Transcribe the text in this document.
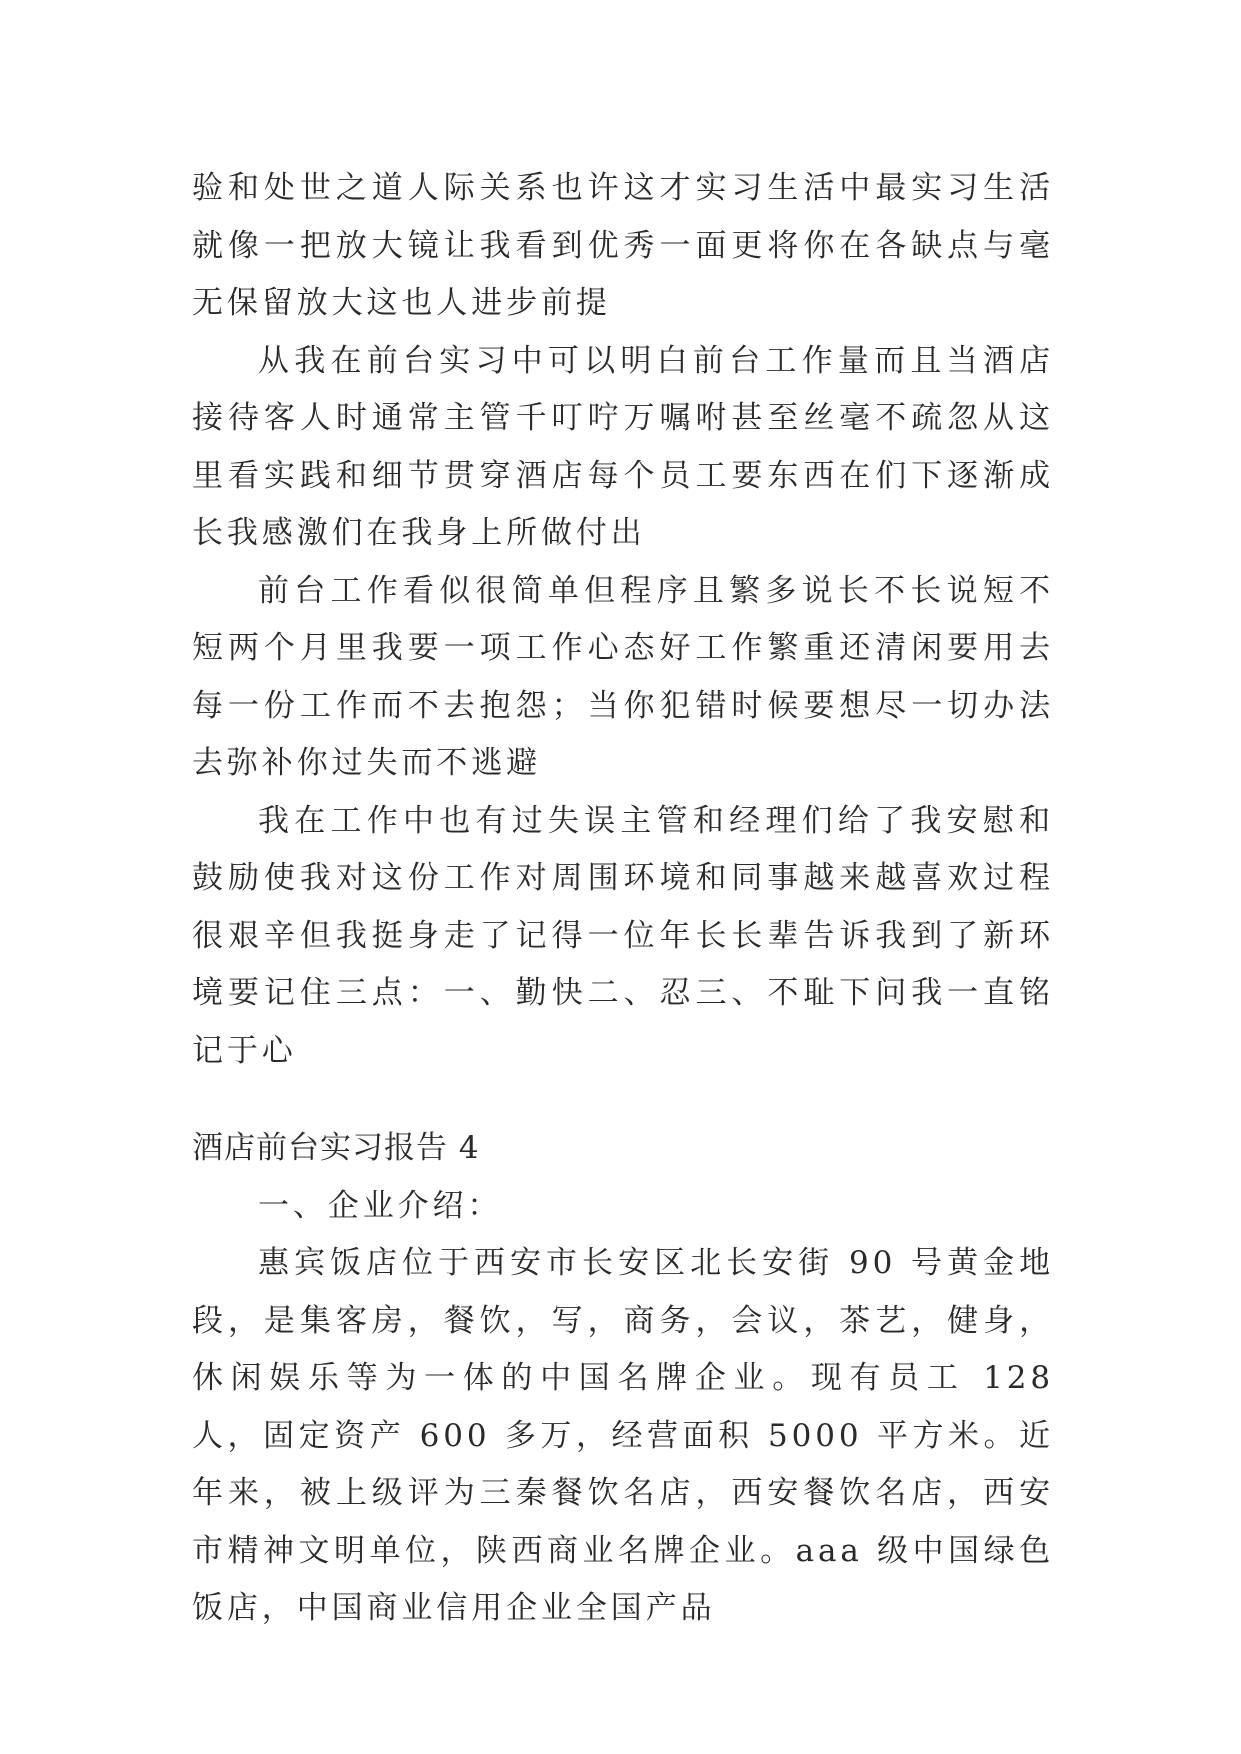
验和处世之道人际关系也许这才实习生活中最实习生活就像一把放大镜让我看到优秀一面更将你在各缺点与毫无保留放大这也人进步前提

从我在前台实习中可以明白前台工作量而且当酒店接待客人时通常主管千叮咛万嘱咐甚至丝毫不疏忽从这里看实践和细节贯穿酒店每个员工要东西在们下逐渐成长我感激们在我身上所做付出

前台工作看似很简单但程序且繁多说长不长说短不短两个月里我要一项工作心态好工作繁重还清闲要用去每一份工作而不去抱怨；当你犯错时候要想尽一切办法去弥补你过失而不逃避

我在工作中也有过失误主管和经理们给了我安慰和鼓励使我对这份工作对周围环境和同事越来越喜欢过程很艰辛但我挺身走了记得一位年长长辈告诉我到了新环境要记住三点：一、勤快二、忍三、不耻下问我一直铭记于心

酒店前台实习报告 4

一、企业介绍：

惠宾饭店位于西安市长安区北长安街 90 号黄金地段，是集客房，餐饮，写，商务，会议，茶艺，健身，休闲娱乐等为一体的中国名牌企业。现有员工 128 人，固定资产 600 多万，经营面积 5000 平方米。近年来，被上级评为三秦餐饮名店，西安餐饮名店，西安市精神文明单位，陕西商业名牌企业。aaa 级中国绿色饭店，中国商业信用企业全国产品
